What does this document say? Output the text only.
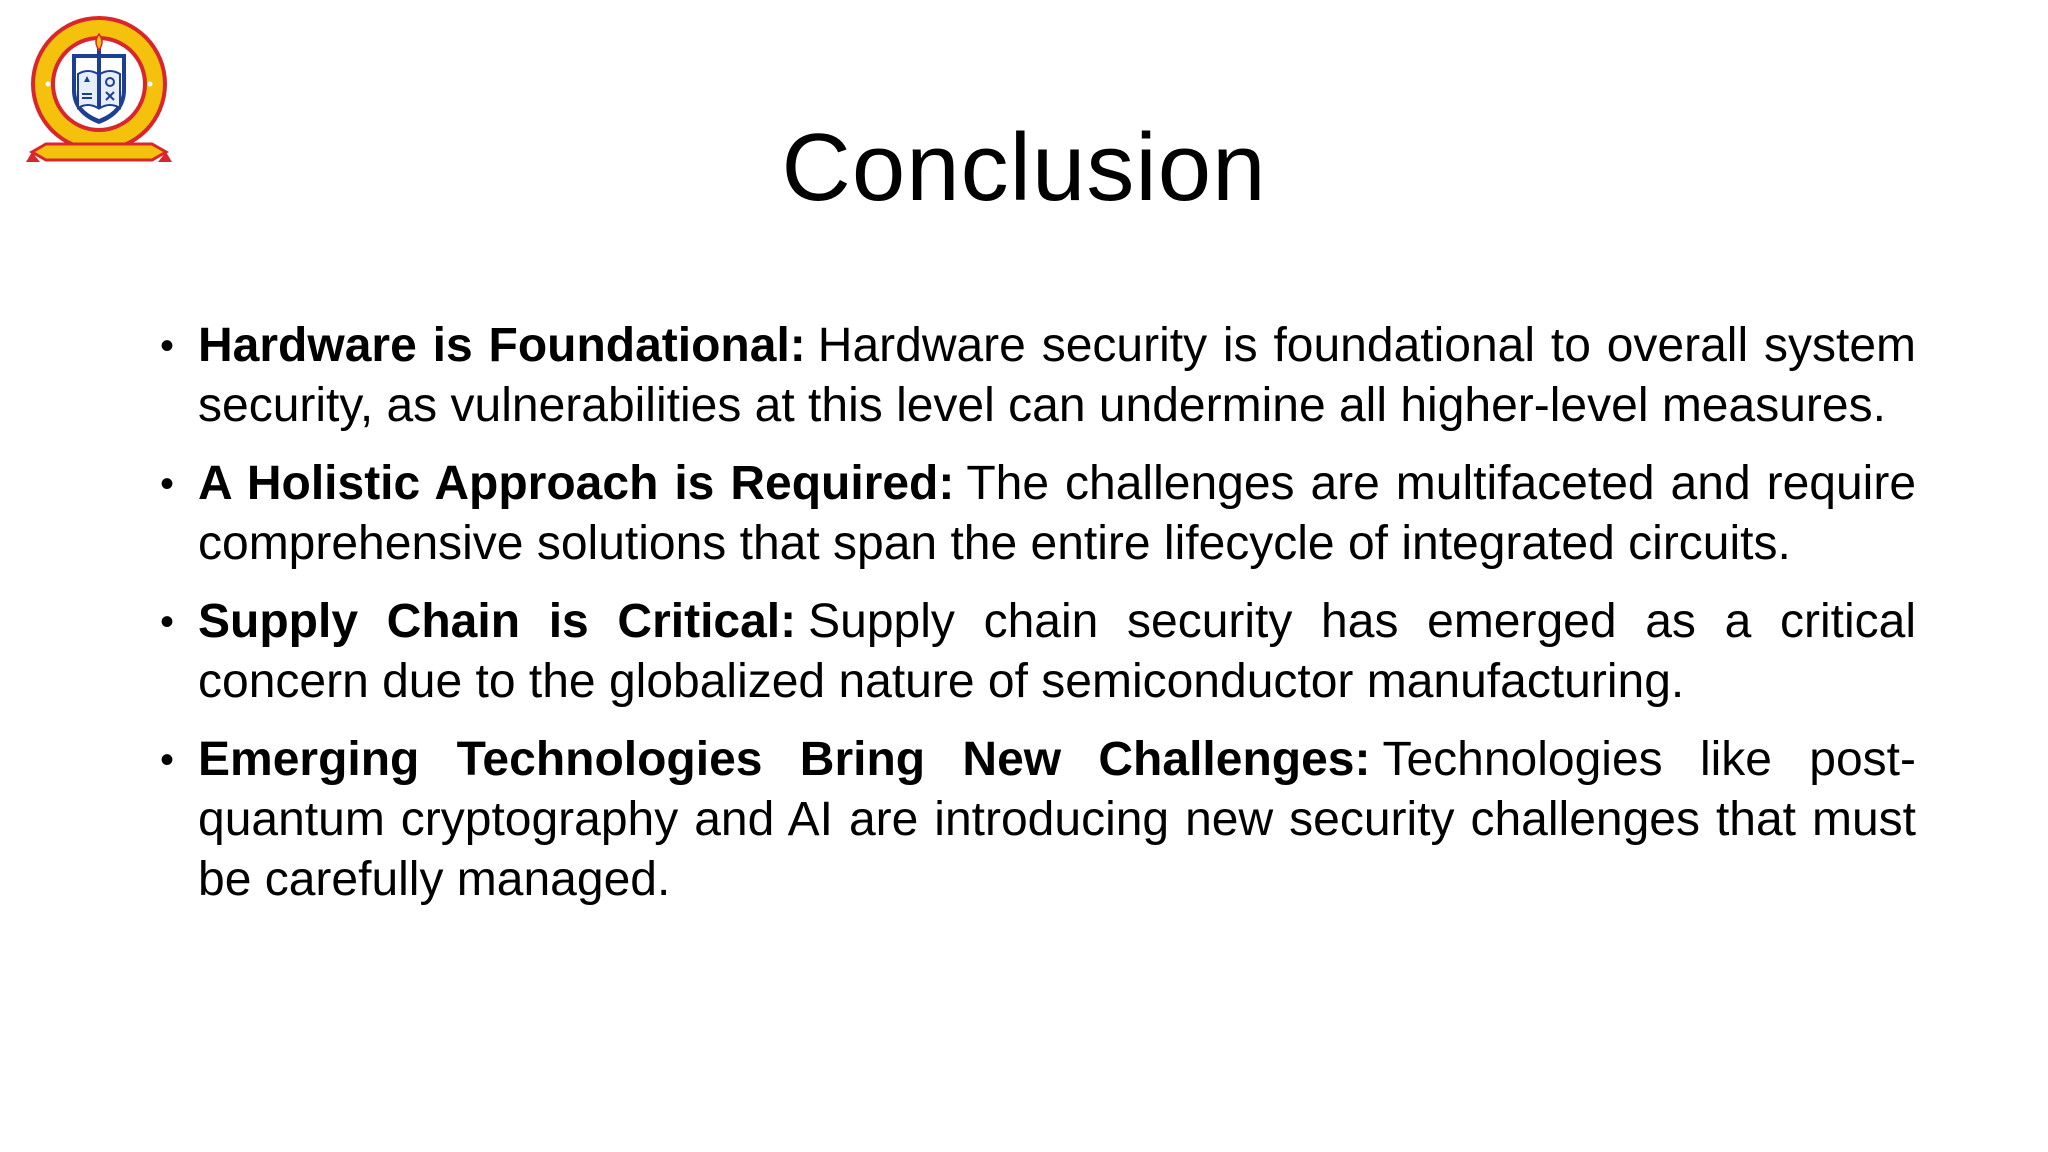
Conclusion
• Hardware is Foundational: Hardware security is foundational to overall system security, as vulnerabilities at this level can undermine all higher-level measures.
• A Holistic Approach is Required: The challenges are multifaceted and require comprehensive solutions that span the entire lifecycle of integrated circuits.
• Supply Chain is Critical: Supply chain security has emerged as a critical concern due to the globalized nature of semiconductor manufacturing.
• Emerging Technologies Bring New Challenges: Technologies like post-quantum cryptography and AI are introducing new security challenges that must be carefully managed.
